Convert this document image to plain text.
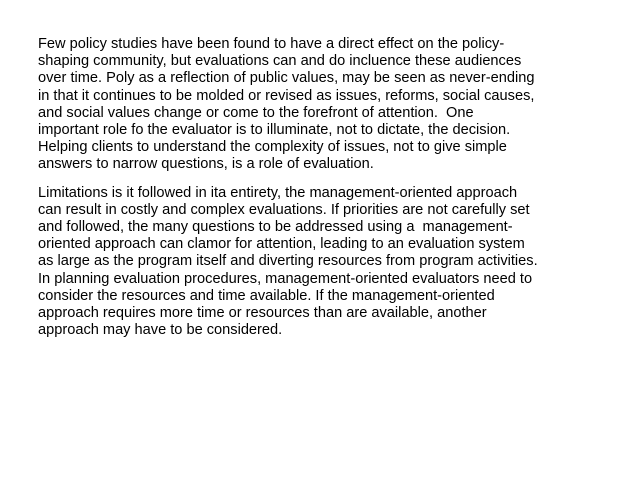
Few policy studies have been found to have a direct effect on the policy-
shaping community, but evaluations can and do incluence these audiences
over time. Poly as a reflection of public values, may be seen as never-ending
in that it continues to be molded or revised as issues, reforms, social causes,
and social values change or come to the forefront of attention.  One
important role fo the evaluator is to illuminate, not to dictate, the decision.
Helping clients to understand the complexity of issues, not to give simple
answers to narrow questions, is a role of evaluation.

Limitations is it followed in ita entirety, the management-oriented approach
can result in costly and complex evaluations. If priorities are not carefully set
and followed, the many questions to be addressed using a  management-
oriented approach can clamor for attention, leading to an evaluation system
as large as the program itself and diverting resources from program activities.
In planning evaluation procedures, management-oriented evaluators need to
consider the resources and time available. If the management-oriented
approach requires more time or resources than are available, another
approach may have to be considered.
